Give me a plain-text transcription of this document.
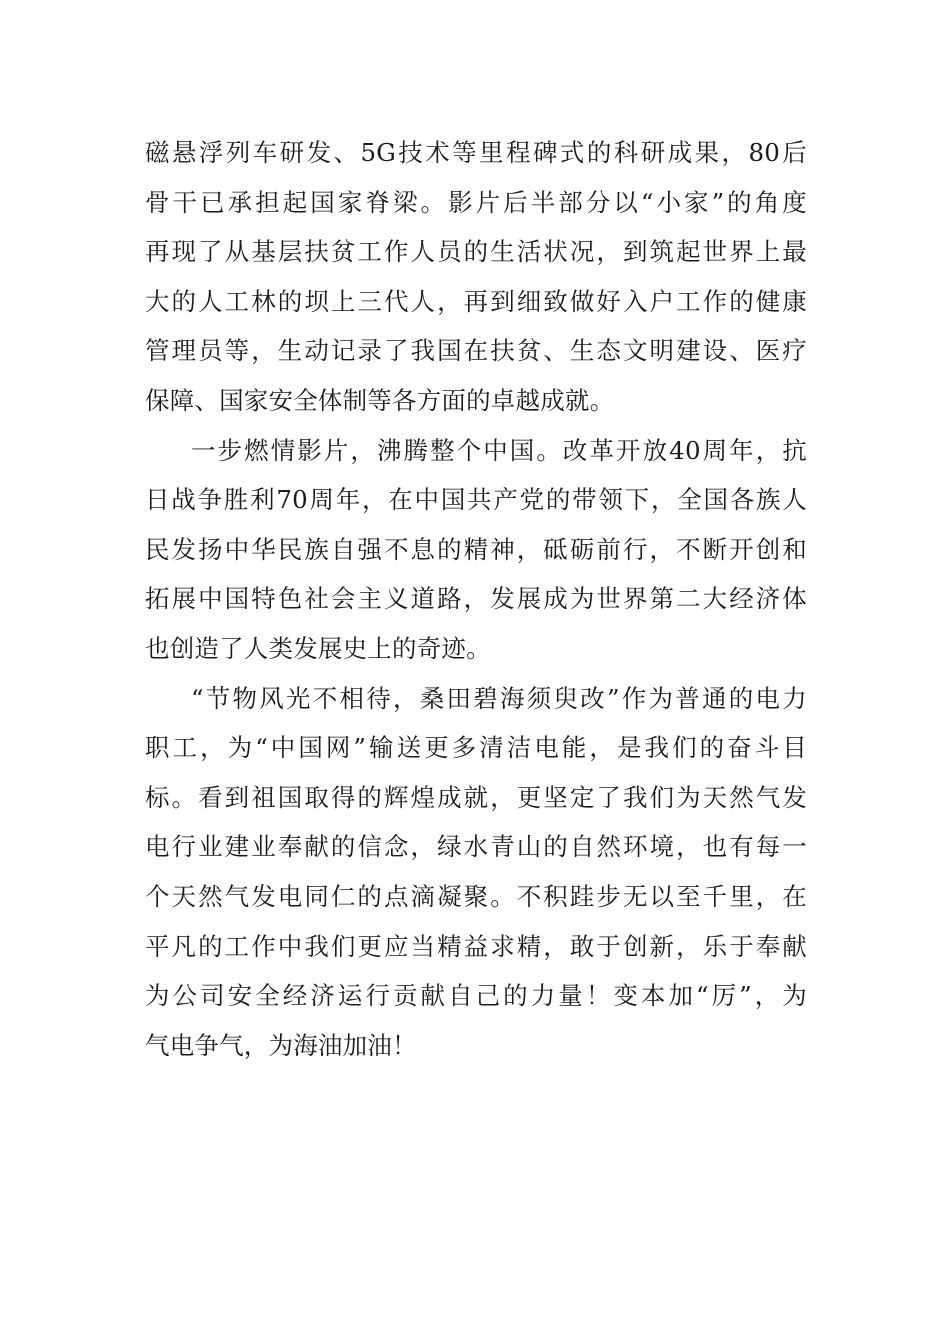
磁悬浮列车研发、5G技术等里程碑式的科研成果，80后
骨干已承担起国家脊梁。影片后半部分以“小家”的角度
再现了从基层扶贫工作人员的生活状况，到筑起世界上最
大的人工林的坝上三代人，再到细致做好入户工作的健康
管理员等，生动记录了我国在扶贫、生态文明建设、医疗
保障、国家安全体制等各方面的卓越成就。
一步燃情影片，沸腾整个中国。改革开放40周年，抗
日战争胜利70周年，在中国共产党的带领下，全国各族人
民发扬中华民族自强不息的精神，砥砺前行，不断开创和
拓展中国特色社会主义道路，发展成为世界第二大经济体
也创造了人类发展史上的奇迹。
“节物风光不相待，桑田碧海须臾改”作为普通的电力
职工，为“中国网”输送更多清洁电能，是我们的奋斗目
标。看到祖国取得的辉煌成就，更坚定了我们为天然气发
电行业建业奉献的信念，绿水青山的自然环境，也有每一
个天然气发电同仁的点滴凝聚。不积跬步无以至千里，在
平凡的工作中我们更应当精益求精，敢于创新，乐于奉献
为公司安全经济运行贡献自己的力量！变本加“厉”，为
气电争气，为海油加油！
